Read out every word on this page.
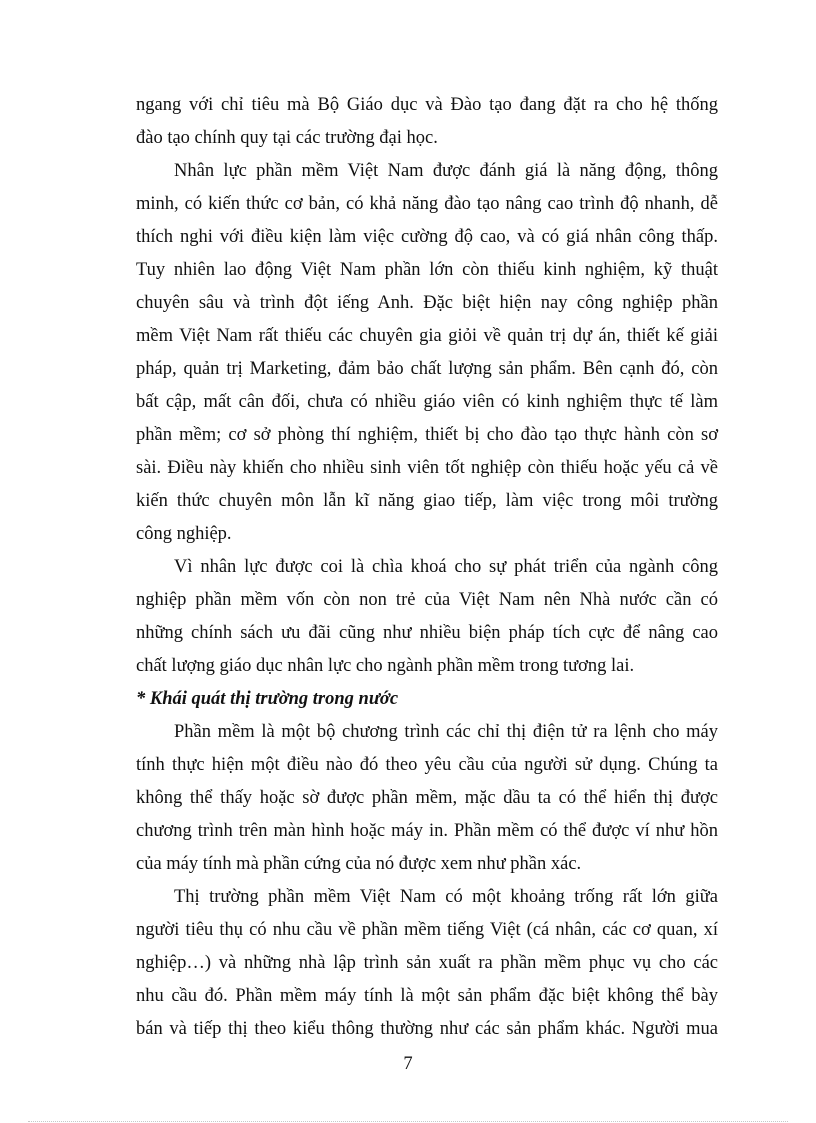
ngang với chỉ tiêu mà Bộ Giáo dục và Đào tạo đang đặt ra cho hệ thống
đào tạo chính quy tại các trường đại học.
Nhân lực phần mềm Việt Nam được đánh giá là năng động, thông
minh, có kiến thức cơ bản, có khả năng đào tạo nâng cao trình độ nhanh, dễ
thích nghi với điều kiện làm việc cường độ cao, và có giá nhân công thấp.
Tuy nhiên lao động Việt Nam phần lớn còn thiếu kinh nghiệm, kỹ thuật
chuyên sâu và trình đột iếng Anh. Đặc biệt hiện nay công nghiệp phần
mềm Việt Nam rất thiếu các chuyên gia giỏi về quản trị dự án, thiết kế giải
pháp, quản trị Marketing, đảm bảo chất lượng sản phẩm. Bên cạnh đó, còn
bất cập, mất cân đối, chưa có nhiều giáo viên có kinh nghiệm thực tế làm
phần mềm; cơ sở phòng thí nghiệm, thiết bị cho đào tạo thực hành còn sơ
sài. Điều này khiến cho nhiều sinh viên tốt nghiệp còn thiếu hoặc yếu cả về
kiến thức chuyên môn lẫn kĩ năng giao tiếp, làm việc trong môi trường
công nghiệp.
Vì nhân lực được coi là chìa khoá cho sự phát triển của ngành công
nghiệp phần mềm vốn còn non trẻ của Việt Nam nên Nhà nước cần có
những chính sách ưu đãi cũng như nhiều biện pháp tích cực để nâng cao
chất lượng giáo dục nhân lực cho ngành phần mềm trong tương lai.
* Khái quát thị trường trong nước
Phần mềm là một bộ chương trình các chỉ thị điện tử ra lệnh cho máy
tính thực hiện một điều nào đó theo yêu cầu của người sử dụng. Chúng ta
không thể thấy hoặc sờ được phần mềm, mặc dầu ta có thể hiển thị được
chương trình trên màn hình hoặc máy in. Phần mềm có thể được ví như hồn
của máy tính mà phần cứng của nó được xem như phần xác.
Thị trường phần mềm Việt Nam có một khoảng trống rất lớn giữa
người tiêu thụ có nhu cầu về phần mềm tiếng Việt (cá nhân, các cơ quan, xí
nghiệp…) và những nhà lập trình sản xuất ra phần mềm phục vụ cho các
nhu cầu đó. Phần mềm máy tính là một sản phẩm đặc biệt không thể bày
bán và tiếp thị theo kiểu thông thường như các sản phẩm khác. Người mua
7
